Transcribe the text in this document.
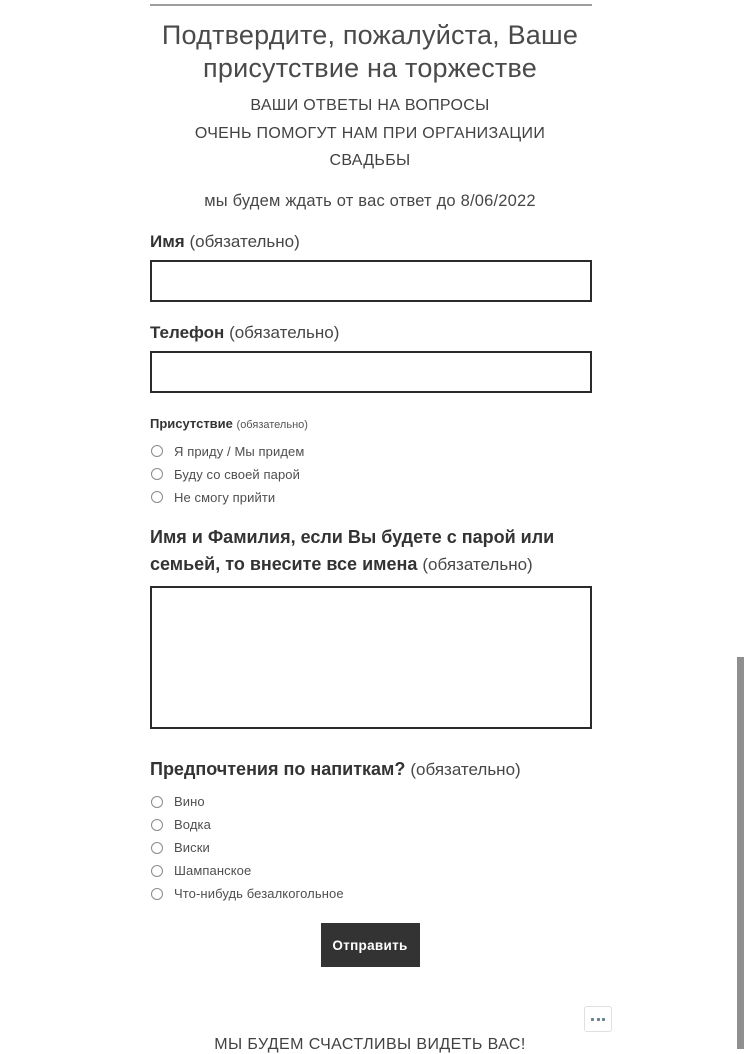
Подтвердите, пожалуйста, Ваше присутствие на торжестве
ВАШИ ОТВЕТЫ НА ВОПРОСЫ
ОЧЕНЬ ПОМОГУТ НАМ ПРИ ОРГАНИЗАЦИИ
СВАДЬБЫ
мы будем ждать от вас ответ до 8/06/2022
Имя (обязательно)
Телефон (обязательно)
Присутствие (обязательно)
Я приду / Мы придем
Буду со своей парой
Не смогу прийти
Имя и Фамилия, если Вы будете с парой или семьей, то внесите все имена (обязательно)
Предпочтения по напиткам? (обязательно)
Вино
Водка
Виски
Шампанское
Что-нибудь безалкогольное
Отправить
МЫ БУДЕМ СЧАСТЛИВЫ ВИДЕТЬ ВАС!
